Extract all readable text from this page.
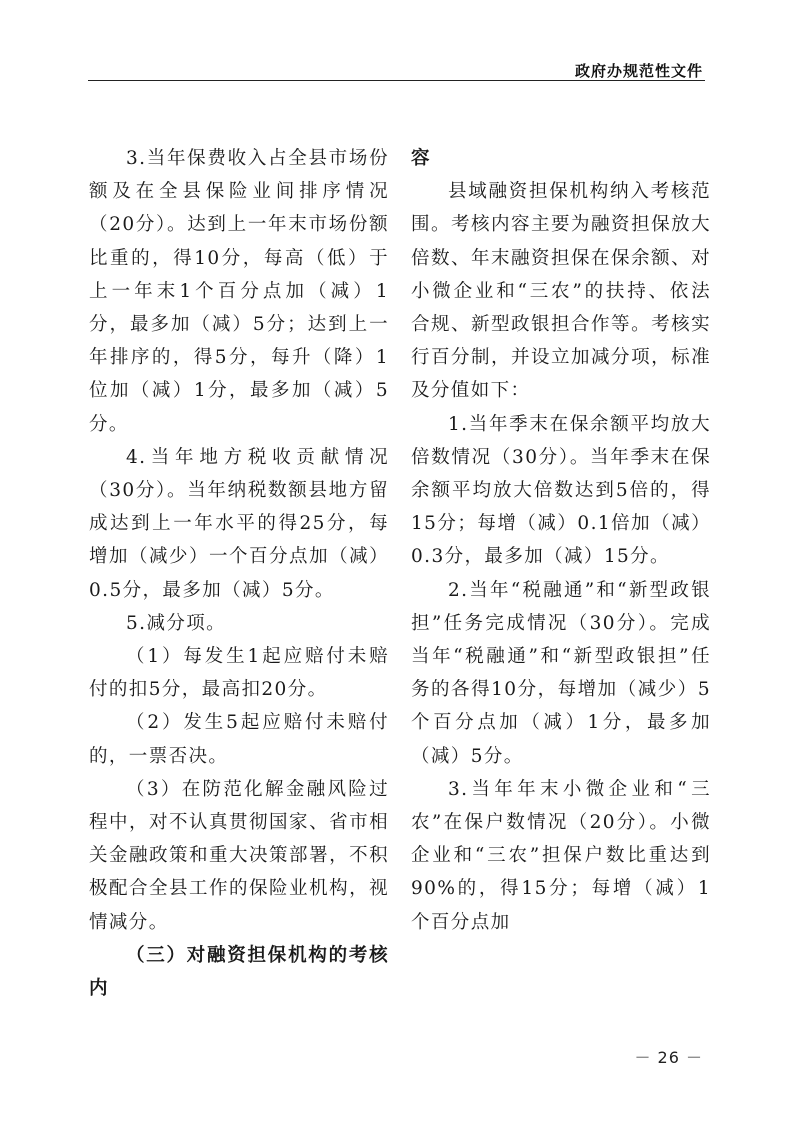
政府办规范性文件

3.当年保费收入占全县市场份额及在全县保险业间排序情况（20分）。达到上一年末市场份额比重的，得10分，每高（低）于上一年末1个百分点加（减）1分，最多加（减）5分；达到上一年排序的，得5分，每升（降）1位加（减）1分，最多加（减）5分。

4.当年地方税收贡献情况（30分）。当年纳税数额县地方留成达到上一年水平的得25分，每增加（减少）一个百分点加（减）0.5分，最多加（减）5分。

5.减分项。

（1）每发生1起应赔付未赔付的扣5分，最高扣20分。

（2）发生5起应赔付未赔付的，一票否决。

（3）在防范化解金融风险过程中，对不认真贯彻国家、省市相关金融政策和重大决策部署，不积极配合全县工作的保险业机构，视情减分。

（三）对融资担保机构的考核内

容

县域融资担保机构纳入考核范围。考核内容主要为融资担保放大倍数、年末融资担保在保余额、对小微企业和“三农”的扶持、依法合规、新型政银担合作等。考核实行百分制，并设立加减分项，标准及分值如下：

1.当年季末在保余额平均放大倍数情况（30分）。当年季末在保余额平均放大倍数达到5倍的，得15分；每增（减）0.1倍加（减）0.3分，最多加（减）15分。

2.当年“税融通”和“新型政银担”任务完成情况（30分）。完成当年“税融通”和“新型政银担”任务的各得10分，每增加（减少）5个百分点加（减）1分，最多加（减）5分。

3.当年年末小微企业和“三农”在保户数情况（20分）。小微企业和“三农”担保户数比重达到90%的，得15分；每增（减）1个百分点加

－ 26 －
